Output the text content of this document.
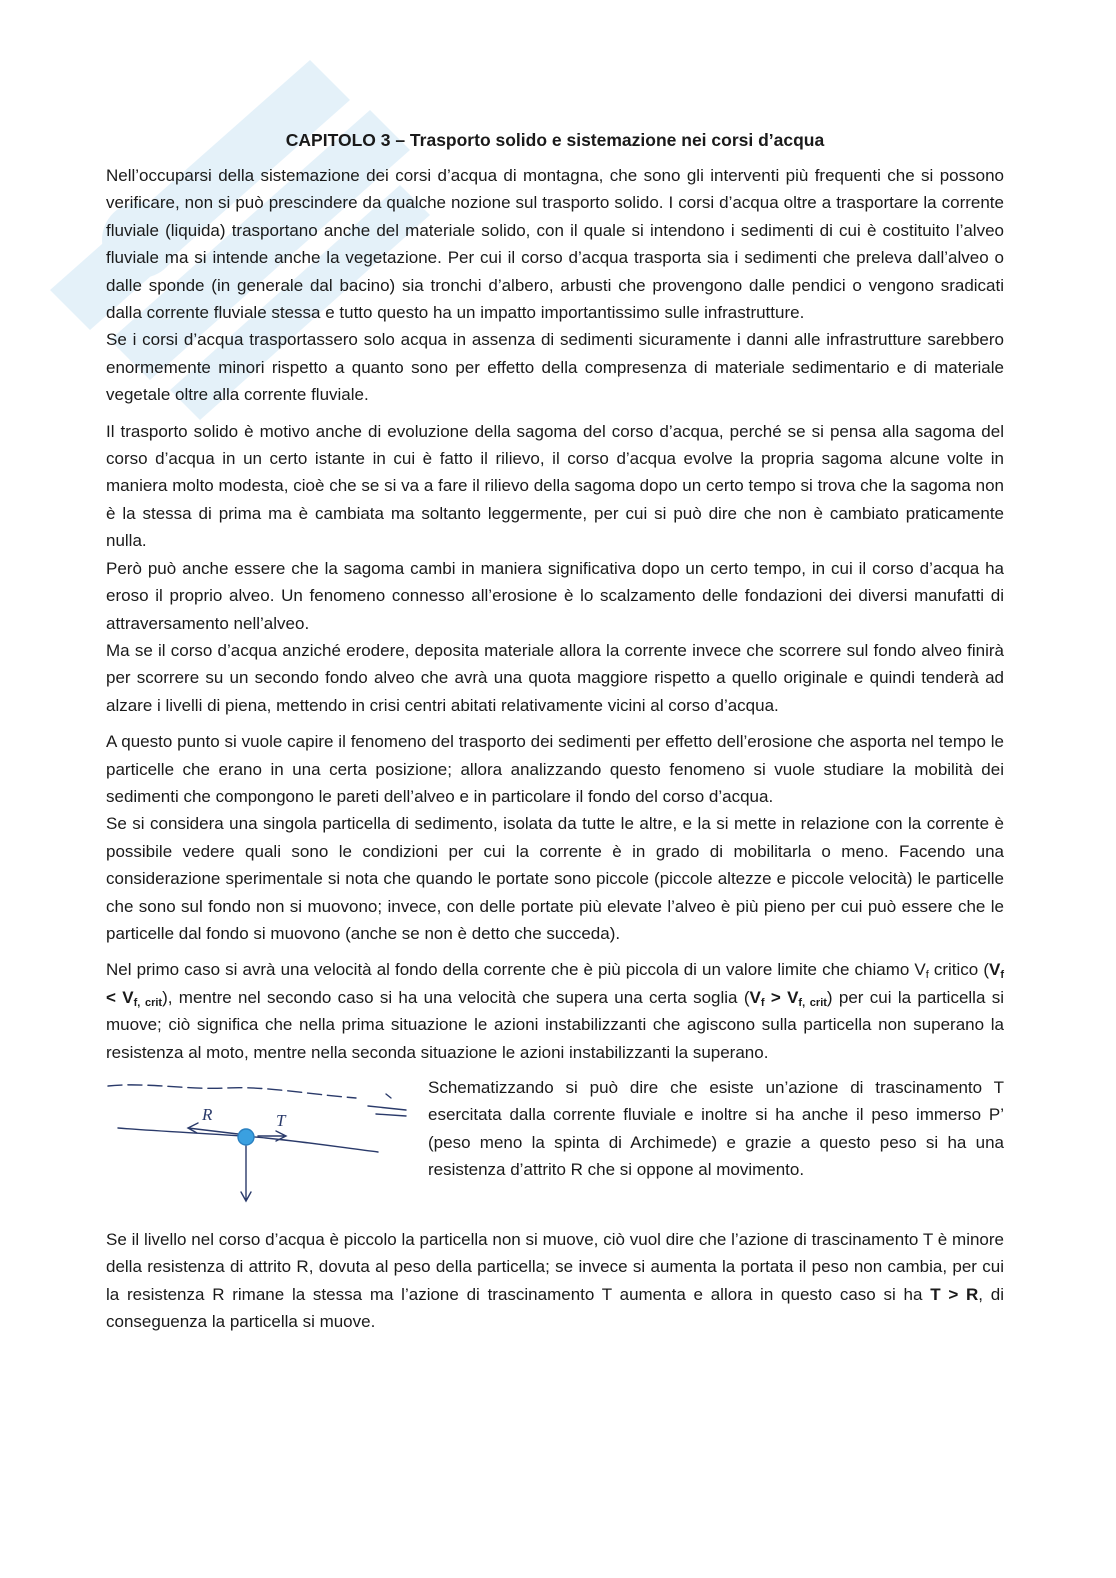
CAPITOLO 3 – Trasporto solido e sistemazione nei corsi d’acqua

Nell’occuparsi della sistemazione dei corsi d’acqua di montagna, che sono gli interventi più frequenti che si possono verificare, non si può prescindere da qualche nozione sul trasporto solido. I corsi d’acqua oltre a trasportare la corrente fluviale (liquida) trasportano anche del materiale solido, con il quale si intendono i sedimenti di cui è costituito l’alveo fluviale ma si intende anche la vegetazione. Per cui il corso d’acqua trasporta sia i sedimenti che preleva dall’alveo o dalle sponde (in generale dal bacino) sia tronchi d’albero, arbusti che provengono dalle pendici o vengono sradicati dalla corrente fluviale stessa e tutto questo ha un impatto importantissimo sulle infrastrutture.

Se i corsi d’acqua trasportassero solo acqua in assenza di sedimenti sicuramente i danni alle infrastrutture sarebbero enormemente minori rispetto a quanto sono per effetto della compresenza di materiale sedimentario e di materiale vegetale oltre alla corrente fluviale.

Il trasporto solido è motivo anche di evoluzione della sagoma del corso d’acqua, perché se si pensa alla sagoma del corso d’acqua in un certo istante in cui è fatto il rilievo, il corso d’acqua evolve la propria sagoma alcune volte in maniera molto modesta, cioè che se si va a fare il rilievo della sagoma dopo un certo tempo si trova che la sagoma non è la stessa di prima ma è cambiata ma soltanto leggermente, per cui si può dire che non è cambiato praticamente nulla.

Però può anche essere che la sagoma cambi in maniera significativa dopo un certo tempo, in cui il corso d’acqua ha eroso il proprio alveo. Un fenomeno connesso all’erosione è lo scalzamento delle fondazioni dei diversi manufatti di attraversamento nell’alveo.

Ma se il corso d’acqua anziché erodere, deposita materiale allora la corrente invece che scorrere sul fondo alveo finirà per scorrere su un secondo fondo alveo che avrà una quota maggiore rispetto a quello originale e quindi tenderà ad alzare i livelli di piena, mettendo in crisi centri abitati relativamente vicini al corso d’acqua.

A questo punto si vuole capire il fenomeno del trasporto dei sedimenti per effetto dell’erosione che asporta nel tempo le particelle che erano in una certa posizione; allora analizzando questo fenomeno si vuole studiare la mobilità dei sedimenti che compongono le pareti dell’alveo e in particolare il fondo del corso d’acqua.

Se si considera una singola particella di sedimento, isolata da tutte le altre, e la si mette in relazione con la corrente è possibile vedere quali sono le condizioni per cui la corrente è in grado di mobilitarla o meno. Facendo una considerazione sperimentale si nota che quando le portate sono piccole (piccole altezze e piccole velocità) le particelle che sono sul fondo non si muovono; invece, con delle portate più elevate l’alveo è più pieno per cui può essere che le particelle dal fondo si muovono (anche se non è detto che succeda).

Nel primo caso si avrà una velocità al fondo della corrente che è più piccola di un valore limite che chiamo $V_f$ critico $(V_f < V_{f, crit})$, mentre nel secondo caso si ha una velocità che supera una certa soglia $(V_f > V_{f, crit})$ per cui la particella si muove; ciò significa che nella prima situazione le azioni instabilizzanti che agiscono sulla particella non superano la resistenza al moto, mentre nella seconda situazione le azioni instabilizzanti la superano.

R	T

Schematizzando si può dire che esiste un’azione di trascinamento T esercitata dalla corrente fluviale e inoltre si ha anche il peso immerso P’ (peso meno la spinta di Archimede) e grazie a questo peso si ha una resistenza d’attrito R che si oppone al movimento.

Se il livello nel corso d’acqua è piccolo la particella non si muove, ciò vuol dire che l’azione di trascinamento T è minore della resistenza di attrito R, dovuta al peso della particella; se invece si aumenta la portata il peso non cambia, per cui la resistenza R rimane la stessa ma l’azione di trascinamento T aumenta e allora in questo caso si ha T > R, di conseguenza la particella si muove.
